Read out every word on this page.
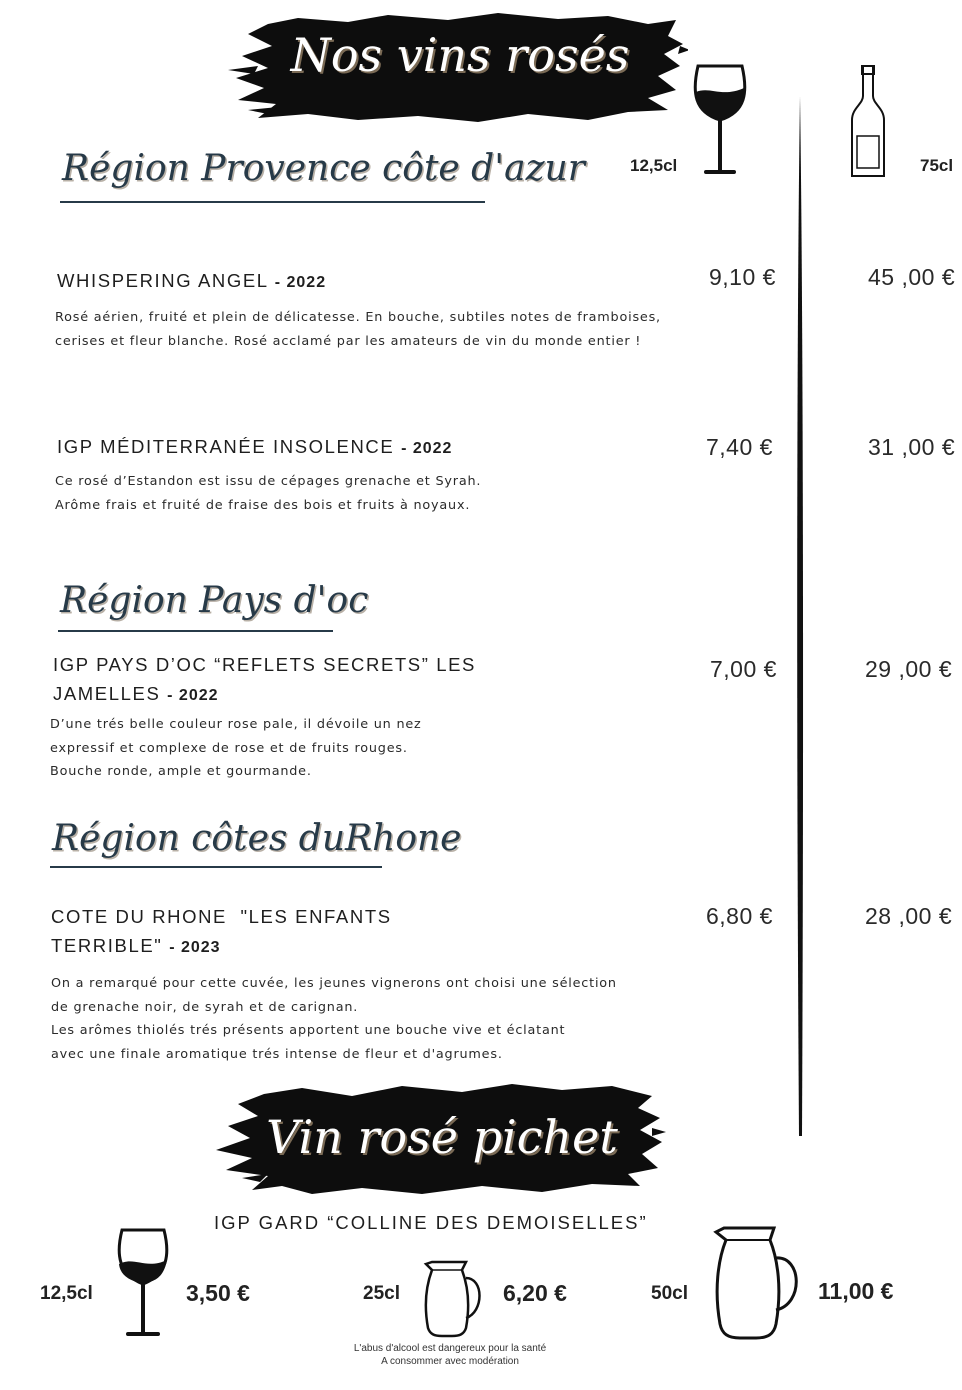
Nos vins rosés
12,5cl	75cl
Région Provence côte d'azur
WHISPERING ANGEL - 2022
Rosé aérien, fruité et plein de délicatesse. En bouche, subtiles notes de framboises,
cerises et fleur blanche. Rosé acclamé par les amateurs de vin du monde entier !
9,10 €	45 ,00 €
IGP MÉDITERRANÉE INSOLENCE - 2022
Ce rosé d’Estandon est issu de cépages grenache et Syrah.
Arôme frais et fruité de fraise des bois et fruits à noyaux.
7,40 €	31 ,00 €
Région Pays d'oc
IGP PAYS D’OC “REFLETS SECRETS” LES
JAMELLES - 2022
D’une trés belle couleur rose pale, il dévoile un nez
expressif et complexe de rose et de fruits rouges.
Bouche ronde, ample et gourmande.
7,00 €	29 ,00 €
Région côtes duRhone
COTE DU RHONE  "LES ENFANTS
TERRIBLE" - 2023
On a remarqué pour cette cuvée, les jeunes vignerons ont choisi une sélection
de grenache noir, de syrah et de carignan.
Les arômes thiolés trés présents apportent une bouche vive et éclatant
avec une finale aromatique trés intense de fleur et d'agrumes.
6,80 €	28 ,00 €
Vin rosé pichet
IGP GARD “COLLINE DES DEMOISELLES”
12,5cl	3,50 €	25cl	6,20 €	50cl	11,00 €
L'abus d'alcool est dangereux pour la santé
A consommer avec modération
